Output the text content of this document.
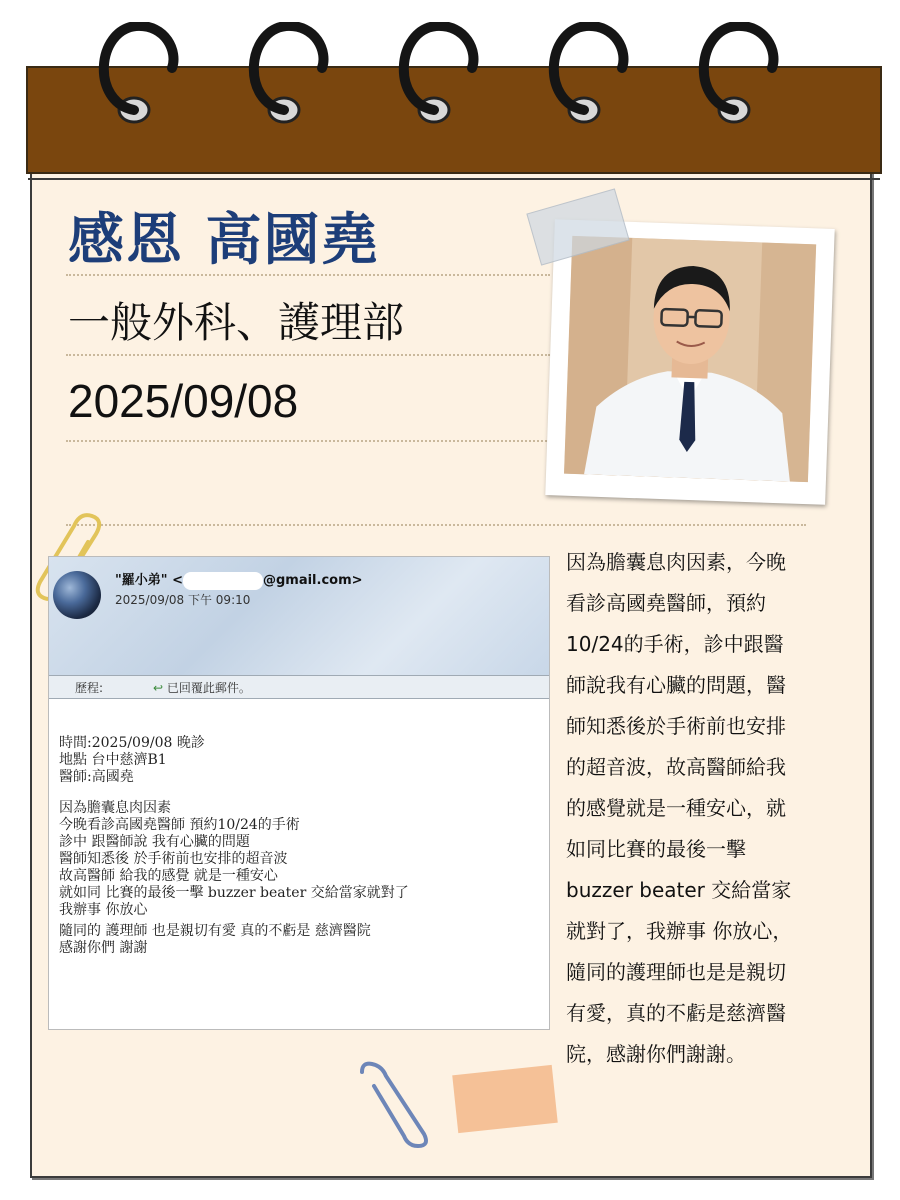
感恩 高國堯
一般外科、護理部
2025/09/08
"羅小弟" <	@gmail.com>
2025/09/08 下午 09:10
歷程:	↩ 已回覆此郵件。
時間:2025/09/08 晚診
地點 台中慈濟B1
醫師:高國堯
因為膽囊息肉因素
今晚看診高國堯醫師 預約10/24的手術
診中 跟醫師說 我有心臟的問題
醫師知悉後 於手術前也安排的超音波
故高醫師 給我的感覺 就是一種安心
就如同 比賽的最後一擊 buzzer beater 交給當家就對了
我辦事 你放心
隨同的 護理師 也是親切有愛 真的不虧是 慈濟醫院
感謝你們 謝謝
因為膽囊息肉因素，今晚
看診高國堯醫師，預約
10/24的手術，診中跟醫
師說我有心臟的問題，醫
師知悉後於手術前也安排
的超音波，故高醫師給我
的感覺就是一種安心，就
如同比賽的最後一擊
buzzer beater 交給當家
就對了，我辦事 你放心，
隨同的護理師也是是親切
有愛，真的不虧是慈濟醫
院，感謝你們謝謝。
